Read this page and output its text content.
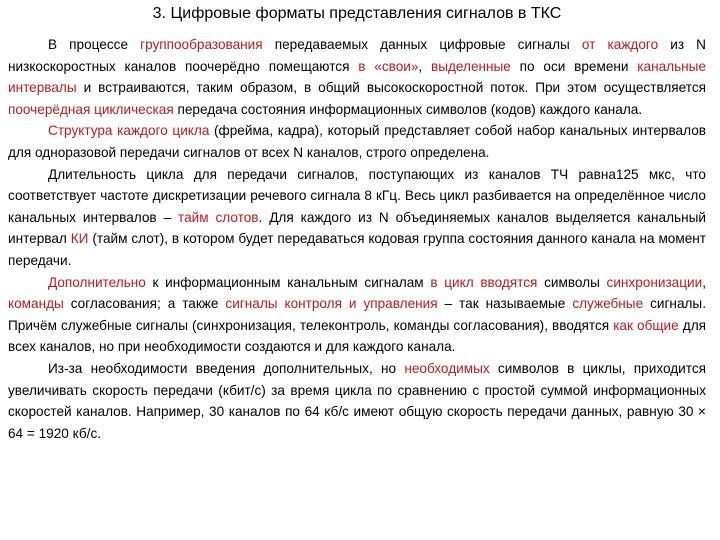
3. Цифровые форматы представления сигналов в ТКС

В процессе группообразования передаваемых данных цифровые сигналы от каждого из N низкоскоростных каналов поочерёдно помещаются в «свои», выделенные по оси времени канальные интервалы и встраиваются, таким образом, в общий высокоскоростной поток. При этом осуществляется поочерёдная циклическая передача состояния информационных символов (кодов) каждого канала.

Структура каждого цикла (фрейма, кадра), который представляет собой набор канальных интервалов для одноразовой передачи сигналов от всех N каналов, строго определена.

Длительность цикла для передачи сигналов, поступающих из каналов ТЧ равна125 мкс, что соответствует частоте дискретизации речевого сигнала 8 кГц. Весь цикл разбивается на определённое число канальных интервалов – тайм слотов. Для каждого из N объединяемых каналов выделяется канальный интервал КИ (тайм слот), в котором будет передаваться кодовая группа состояния данного канала на момент передачи.

Дополнительно к информационным канальным сигналам в цикл вводятся символы синхронизации, команды согласования; а также сигналы контроля и управления – так называемые служебные сигналы. Причём служебные сигналы (синхронизация, телеконтроль, команды согласования), вводятся как общие для всех каналов, но при необходимости создаются и для каждого канала.

Из-за необходимости введения дополнительных, но необходимых символов в циклы, приходится увеличивать скорость передачи (кбит/с) за время цикла по сравнению с простой суммой информационных скоростей каналов. Например, 30 каналов по 64 кб/с имеют общую скорость передачи данных, равную 30 × 64 = 1920 кб/с.
